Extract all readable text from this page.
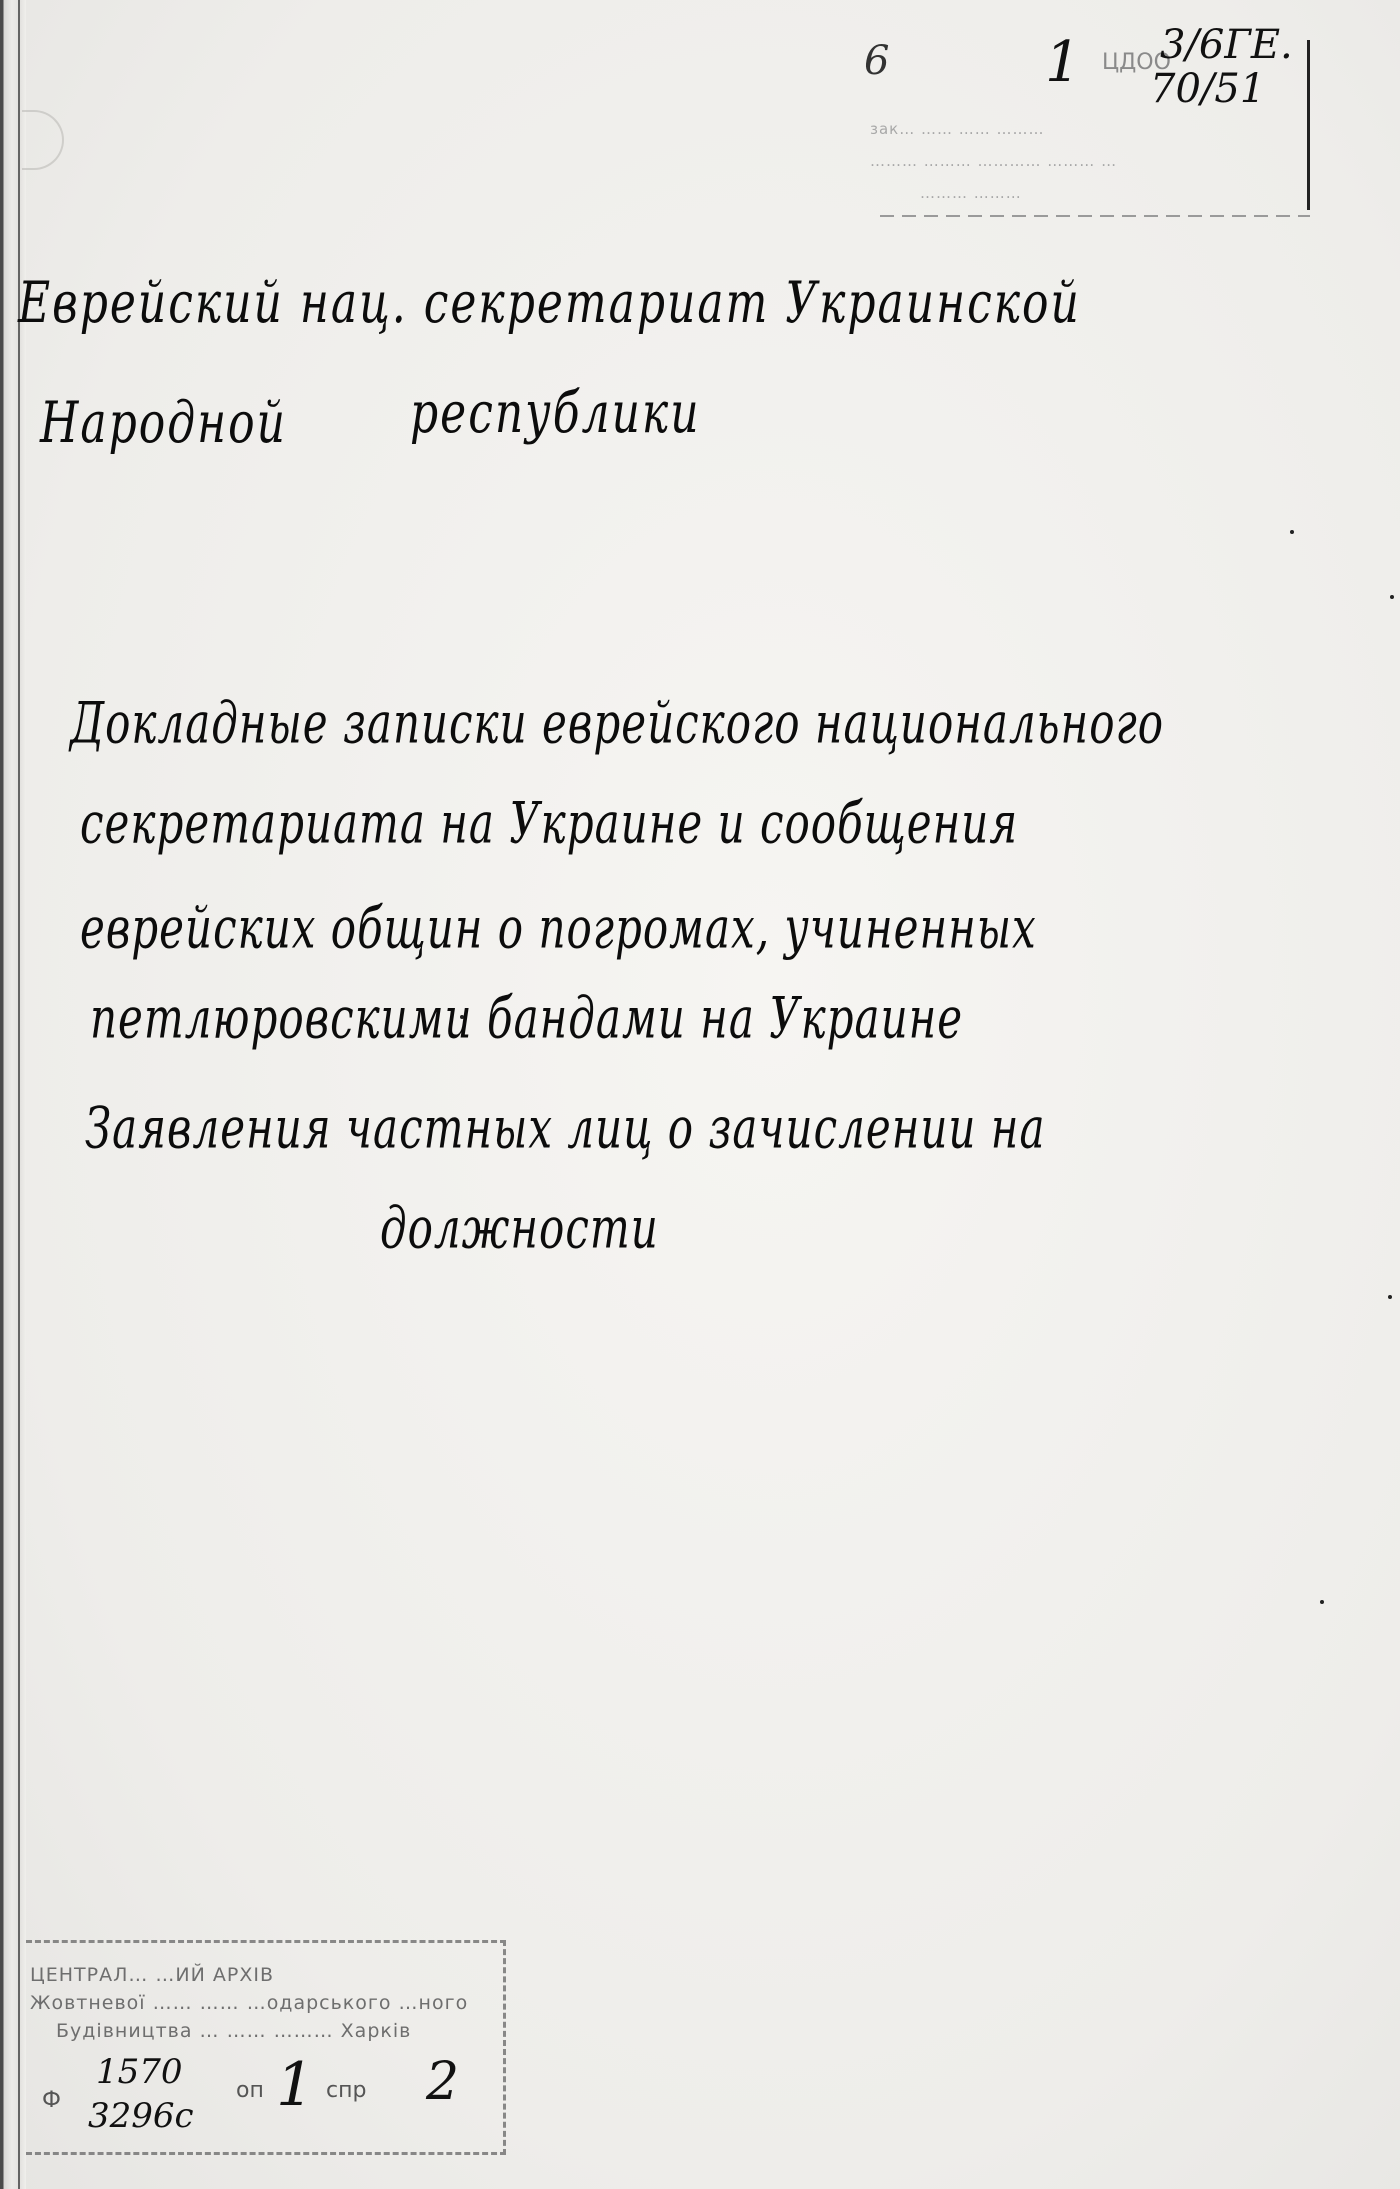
6	1 ЦДОО
3/6ГЕ.
70/51
зак… …… …… ………
……… ……… ………… ……… …
……… ………
Еврейский нац. секретариат Украинской
Народной	республики
Докладные записки еврейского национального
секретариата на Украине и сообщения
еврейских общин о погромах, учиненных
петлюровскими бандами на Украине
Заявления частных лиц о зачислении на
должности
ЦЕНТРАЛ… …ИЙ АРХІВ
Жовтневої …… …… …одарського …ного
Будівництва … …… ……… Харків
Ф
1570
3296с
оп 1 спр 2
